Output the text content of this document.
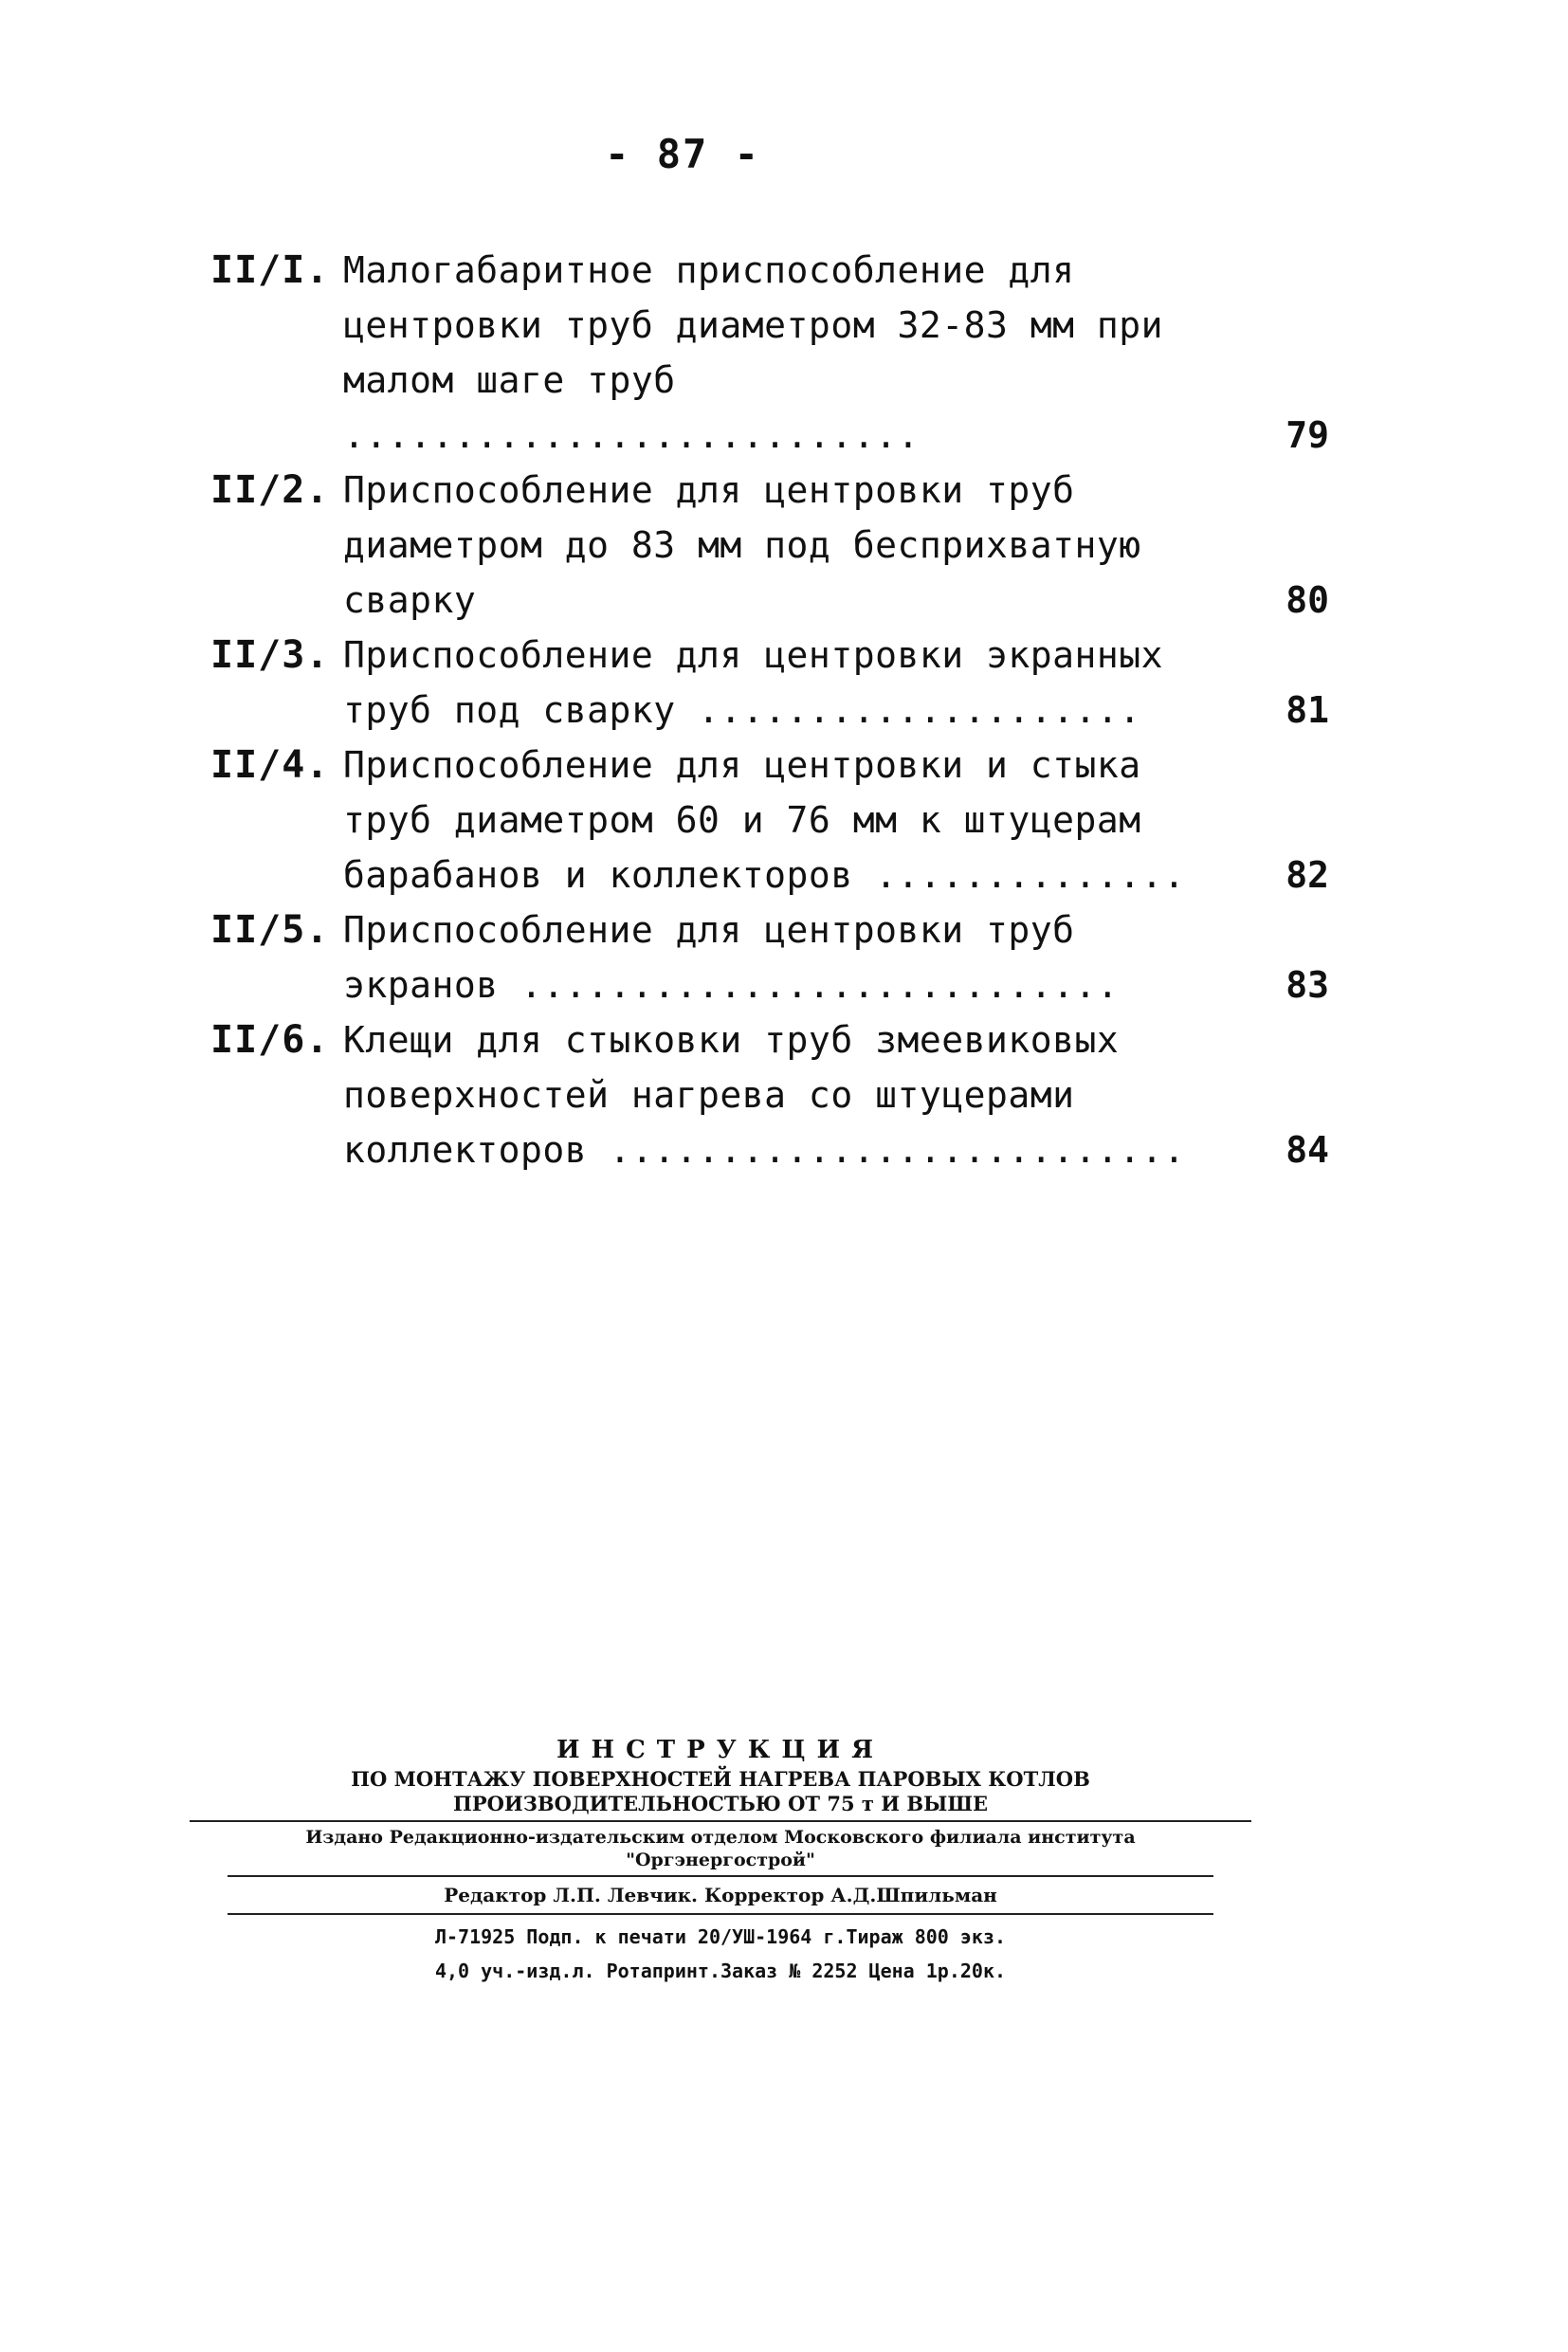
- 87 -
II/I. Малогабаритное приспособление для центровки труб диаметром 32-83 мм при малом шаге труб ..........................	79
II/2. Приспособление для центровки труб диаметром до 83 мм под бесприхватную сварку	80
II/3. Приспособление для центровки экранных труб под сварку ....................	81
II/4. Приспособление для центровки и стыка труб диаметром 60 и 76 мм к штуцерам барабанов и коллекторов ..............	82
II/5. Приспособление для центровки труб экранов ...........................	83
II/6. Клещи для стыковки труб змеевиковых поверхностей нагрева со штуцерами коллекторов ..........................	84
ИНСТРУКЦИЯ
ПО МОНТАЖУ ПОВЕРХНОСТЕЙ НАГРЕВА ПАРОВЫХ КОТЛОВ
ПРОИЗВОДИТЕЛЬНОСТЬЮ ОТ 75 т И ВЫШЕ
Издано Редакционно-издательским отделом Московского филиала института
"Оргэнергострой"
Редактор Л.П. Левчик. Корректор А.Д.Шпильман
Л-71925 Подп. к печати 20/УШ-1964 г.Тираж 800 экз.
4,0 уч.-изд.л. Ротапринт.Заказ № 2252 Цена 1р.20к.
